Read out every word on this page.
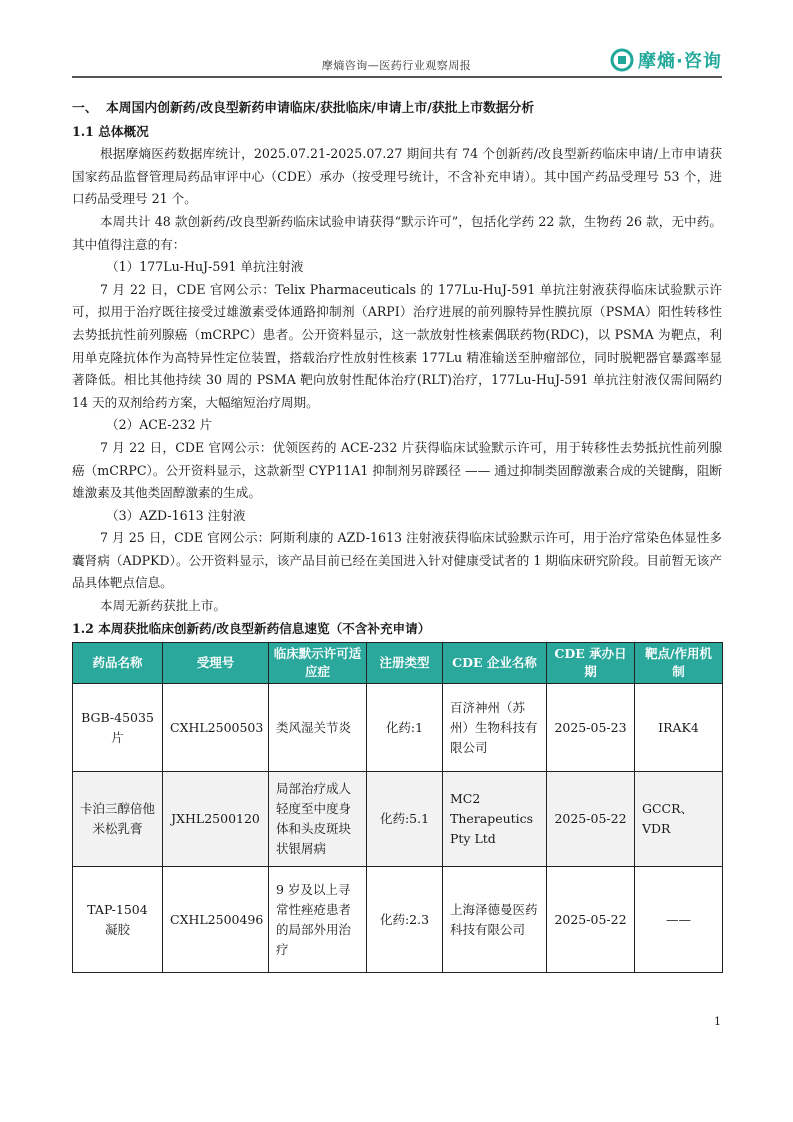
摩熵咨询—医药行业观察周报	摩熵·咨询
一、 本周国内创新药/改良型新药申请临床/获批临床/申请上市/获批上市数据分析
1.1 总体概况

根据摩熵医药数据库统计，2025.07.21-2025.07.27 期间共有 74 个创新药/改良型新药临床申请/上市申请获国家药品监督管理局药品审评中心（CDE）承办（按受理号统计，不含补充申请）。其中国产药品受理号 53 个，进口药品受理号 21 个。

本周共计 48 款创新药/改良型新药临床试验申请获得“默示许可”，包括化学药 22 款，生物药 26 款，无中药。其中值得注意的有：

（1）177Lu-HuJ-591 单抗注射液

7 月 22 日，CDE 官网公示：Telix Pharmaceuticals 的 177Lu-HuJ-591 单抗注射液获得临床试验默示许可，拟用于治疗既往接受过雄激素受体通路抑制剂（ARPI）治疗进展的前列腺特异性膜抗原（PSMA）阳性转移性去势抵抗性前列腺癌（mCRPC）患者。公开资料显示，这一款放射性核素偶联药物(RDC)，以 PSMA 为靶点，利用单克隆抗体作为高特异性定位装置，搭载治疗性放射性核素 177Lu 精准输送至肿瘤部位，同时脱靶器官暴露率显著降低。相比其他持续 30 周的 PSMA 靶向放射性配体治疗(RLT)治疗，177Lu-HuJ-591 单抗注射液仅需间隔约 14 天的双剂给药方案，大幅缩短治疗周期。

（2）ACE-232 片

7 月 22 日，CDE 官网公示：优领医药的 ACE-232 片获得临床试验默示许可，用于转移性去势抵抗性前列腺癌（mCRPC）。公开资料显示，这款新型 CYP11A1 抑制剂另辟蹊径 —— 通过抑制类固醇激素合成的关键酶，阻断雄激素及其他类固醇激素的生成。

（3）AZD-1613 注射液

7 月 25 日，CDE 官网公示：阿斯利康的 AZD-1613 注射液获得临床试验默示许可，用于治疗常染色体显性多囊肾病（ADPKD）。公开资料显示，该产品目前已经在美国进入针对健康受试者的 1 期临床研究阶段。目前暂无该产品具体靶点信息。

本周无新药获批上市。

1.2 本周获批临床创新药/改良型新药信息速览（不含补充申请）
药品名称	受理号	临床默示许可适应症	注册类型	CDE 企业名称	CDE 承办日期	靶点/作用机制
BGB-45035 片	CXHL2500503	类风湿关节炎	化药:1	百济神州（苏州）生物科技有限公司	2025-05-23	IRAK4
卡泊三醇倍他米松乳膏	JXHL2500120	局部治疗成人轻度至中度身体和头皮斑块状银屑病	化药:5.1	MC2 Therapeutics Pty Ltd	2025-05-22	GCCR、VDR
TAP-1504 凝胶	CXHL2500496	9 岁及以上寻常性痤疮患者的局部外用治疗	化药:2.3	上海泽德曼医药科技有限公司	2025-05-22	——
1
